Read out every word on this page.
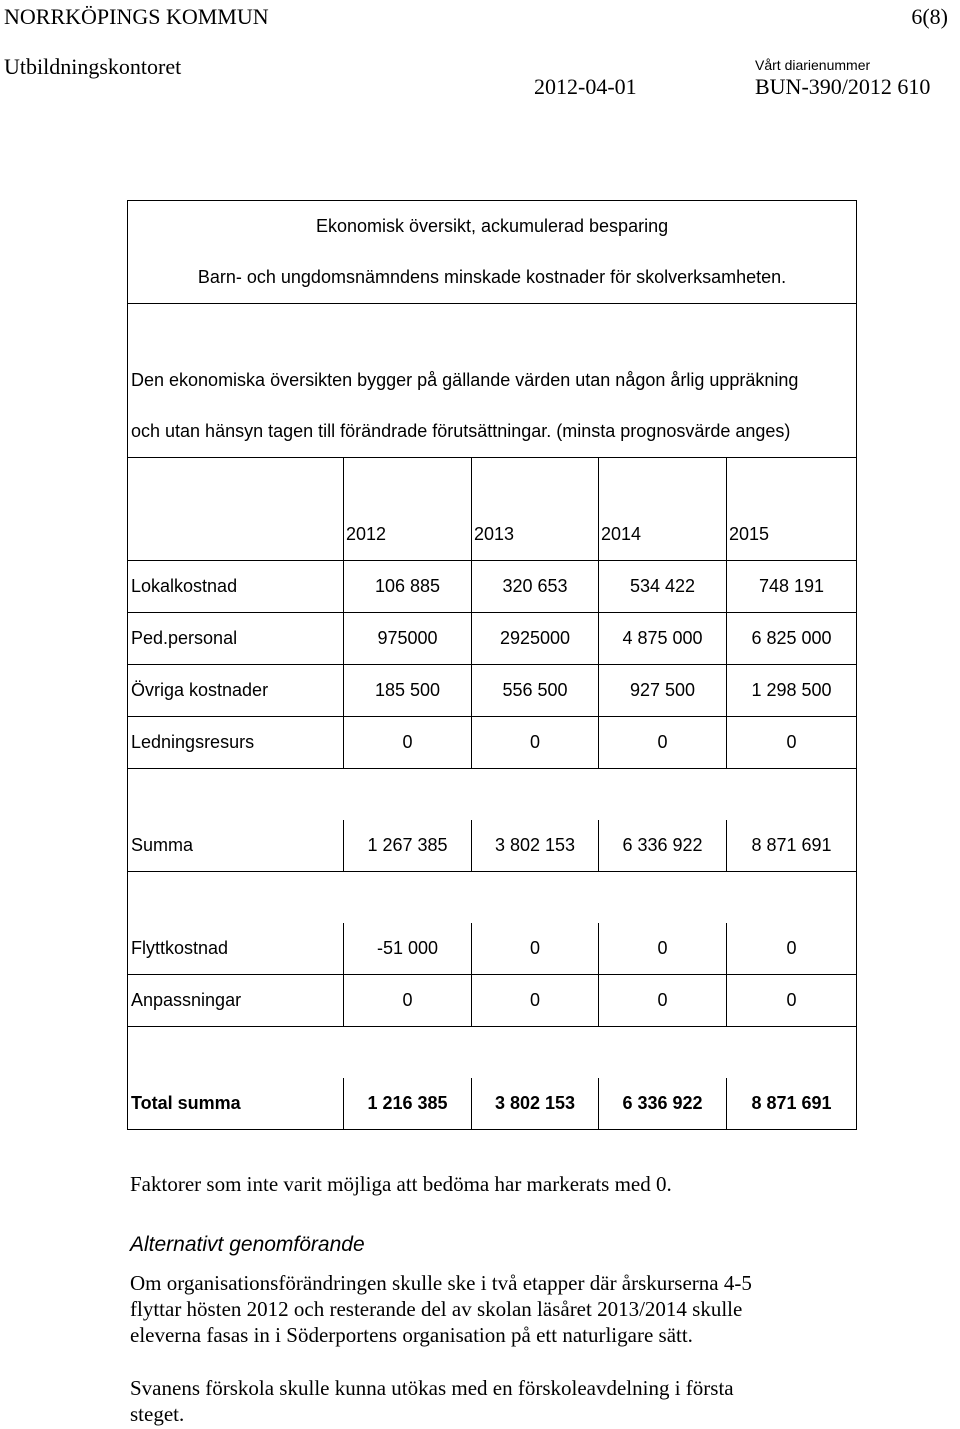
NORRKÖPINGS KOMMUN	6(8)
Utbildningskontoret	Vårt diarienummer
2012-04-01	BUN-390/2012 610
Ekonomisk översikt, ackumulerad besparing				
Barn- och ungdomsnämndens minskade kostnader för skolverksamheten.				

Den ekonomiska översikten bygger på gällande värden utan någon årlig uppräkning				
och utan hänsyn tagen till förändrade förutsättningar. (minsta prognosvärde anges)				

	2012	2013	2014	2015
Lokalkostnad	106 885	320 653	534 422	748 191
Ped.personal	975000	2925000	4 875 000	6 825 000
Övriga kostnader	185 500	556 500	927 500	1 298 500
Ledningsresurs	0	0	0	0

Summa	1 267 385	3 802 153	6 336 922	8 871 691

Flyttkostnad	-51 000	0	0	0
Anpassningar	0	0	0	0

Total summa	1 216 385	3 802 153	6 336 922	8 871 691
Faktorer som inte varit möjliga att bedöma har markerats med 0.
Alternativt genomförande
Om organisationsförändringen skulle ske i två etapper där årskurserna 4-5
flyttar hösten 2012 och resterande del av skolan läsåret 2013/2014 skulle
eleverna fasas in i Söderportens organisation på ett naturligare sätt.
Svanens förskola skulle kunna utökas med en förskoleavdelning i första
steget.
